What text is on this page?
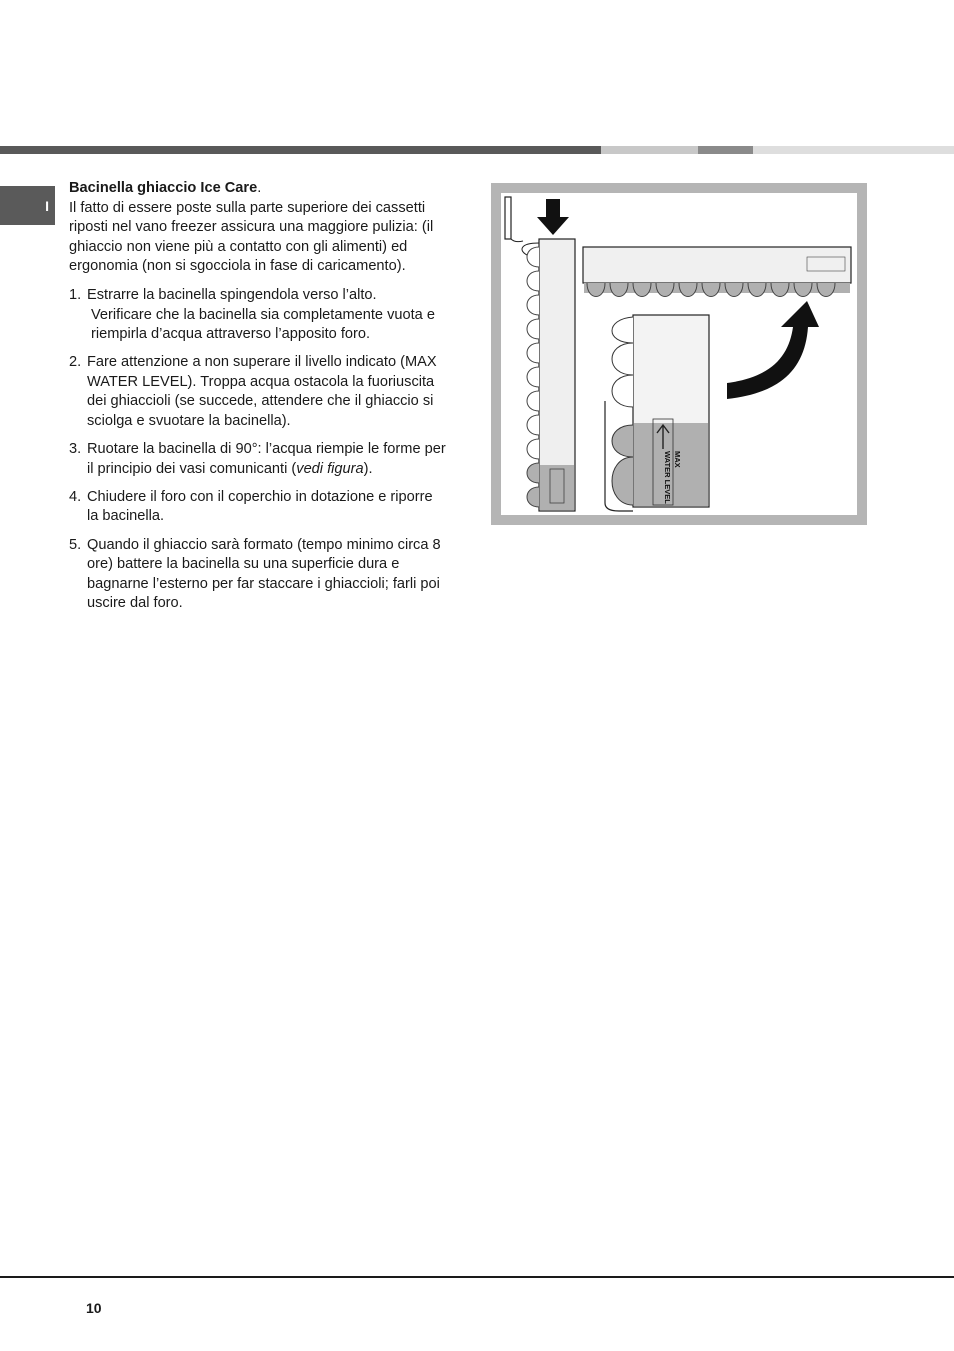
I

Bacinella ghiaccio Ice Care.

Il fatto di essere poste sulla parte superiore dei cassetti riposti nel vano freezer assicura una maggiore pulizia: (il ghiaccio non viene più a contatto con gli alimenti) ed ergonomia (non si sgocciola in fase di caricamento).

1. Estrarre la bacinella spingendola verso l’alto.
Verificare che la bacinella sia completamente vuota e riempirla d’acqua attraverso l’apposito foro.
2. Fare attenzione a non superare il livello indicato (MAX WATER LEVEL). Troppa acqua ostacola la fuoriuscita dei ghiaccioli (se succede, attendere che il ghiaccio si sciolga e svuotare la bacinella).
3. Ruotare la bacinella di 90°: l’acqua riempie le forme per il principio dei vasi comunicanti (vedi figura).
4. Chiudere il foro con il coperchio in dotazione e riporre la bacinella.
5. Quando il ghiaccio sarà formato (tempo minimo circa 8 ore) battere la bacinella su una superficie dura e bagnarne l’esterno per far staccare i ghiaccioli; farli poi uscire dal foro.
MAX
WATER LEVEL
10
